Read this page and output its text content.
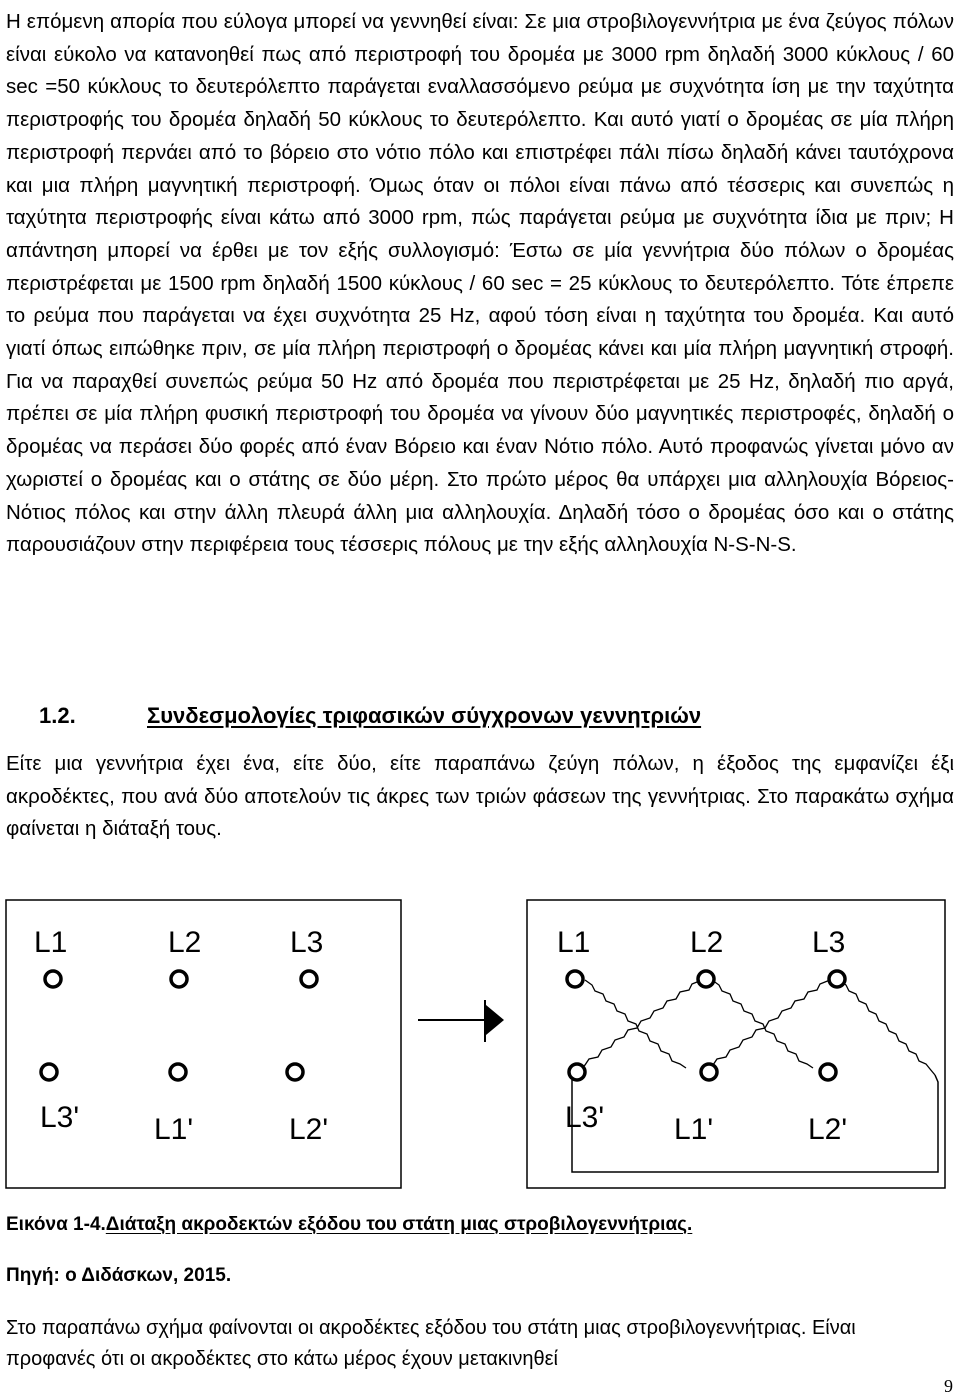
Η επόμενη απορία που εύλογα μπορεί να γεννηθεί είναι: Σε μια στροβιλογεννήτρια με ένα ζεύγος πόλων είναι εύκολο να κατανοηθεί πως από περιστροφή του δρομέα με 3000 rpm δηλαδή 3000 κύκλους / 60 sec =50 κύκλους το δευτερόλεπτο παράγεται εναλλασσόμενο ρεύμα με συχνότητα ίση με την ταχύτητα περιστροφής του δρομέα δηλαδή 50 κύκλους το δευτερόλεπτο. Και αυτό γιατί ο δρομέας σε μία πλήρη περιστροφή περνάει από το βόρειο στο νότιο πόλο και επιστρέφει πάλι πίσω δηλαδή κάνει ταυτόχρονα και μια πλήρη μαγνητική περιστροφή. Όμως όταν οι πόλοι είναι πάνω από τέσσερις και συνεπώς η ταχύτητα περιστροφής είναι κάτω από 3000 rpm, πώς παράγεται ρεύμα με συχνότητα ίδια με πριν; Η απάντηση μπορεί να έρθει με τον εξής συλλογισμό: Έστω σε μία γεννήτρια δύο πόλων ο δρομέας περιστρέφεται με 1500 rpm δηλαδή 1500 κύκλους / 60 sec = 25 κύκλους το δευτερόλεπτο. Τότε έπρεπε το ρεύμα που παράγεται να έχει συχνότητα 25 Hz, αφού τόση είναι η ταχύτητα του δρομέα. Και αυτό γιατί όπως ειπώθηκε πριν, σε μία πλήρη περιστροφή ο δρομέας κάνει και μία πλήρη μαγνητική στροφή. Για να παραχθεί συνεπώς ρεύμα 50 Hz από δρομέα που περιστρέφεται με 25 Hz, δηλαδή πιο αργά, πρέπει σε μία πλήρη φυσική περιστροφή του δρομέα να γίνουν δύο μαγνητικές περιστροφές, δηλαδή ο δρομέας να περάσει δύο φορές από έναν Βόρειο και έναν Νότιο πόλο. Αυτό προφανώς γίνεται μόνο αν χωριστεί ο δρομέας και ο στάτης σε δύο μέρη. Στο πρώτο μέρος θα υπάρχει μια αλληλουχία Βόρειος-Νότιος πόλος και στην άλλη πλευρά άλλη μια αλληλουχία. Δηλαδή τόσο ο δρομέας όσο και ο στάτης παρουσιάζουν στην περιφέρεια τους τέσσερις πόλους με την εξής αλληλουχία N-S-N-S.

1.2.	Συνδεσμολογίες τριφασικών σύγχρονων γεννητριών

Είτε μια γεννήτρια έχει ένα, είτε δύο, είτε παραπάνω ζεύγη πόλων, η έξοδος της εμφανίζει έξι ακροδέκτες, που ανά δύο αποτελούν τις άκρες των τριών φάσεων της γεννήτριας. Στο παρακάτω σχήμα φαίνεται η διάταξή τους.

L1	L2	L3
L3' L1'	L2'
L1	L2	L3
L3' L1'	L2'

Εικόνα 1-4.Διάταξη ακροδεκτών εξόδου του στάτη μιας στροβιλογεννήτριας.

Πηγή: ο Διδάσκων, 2015.

Στο παραπάνω σχήμα φαίνονται οι ακροδέκτες εξόδου του στάτη μιας στροβιλογεννήτριας. Είναι προφανές ότι οι ακροδέκτες στο κάτω μέρος έχουν μετακινηθεί

9
